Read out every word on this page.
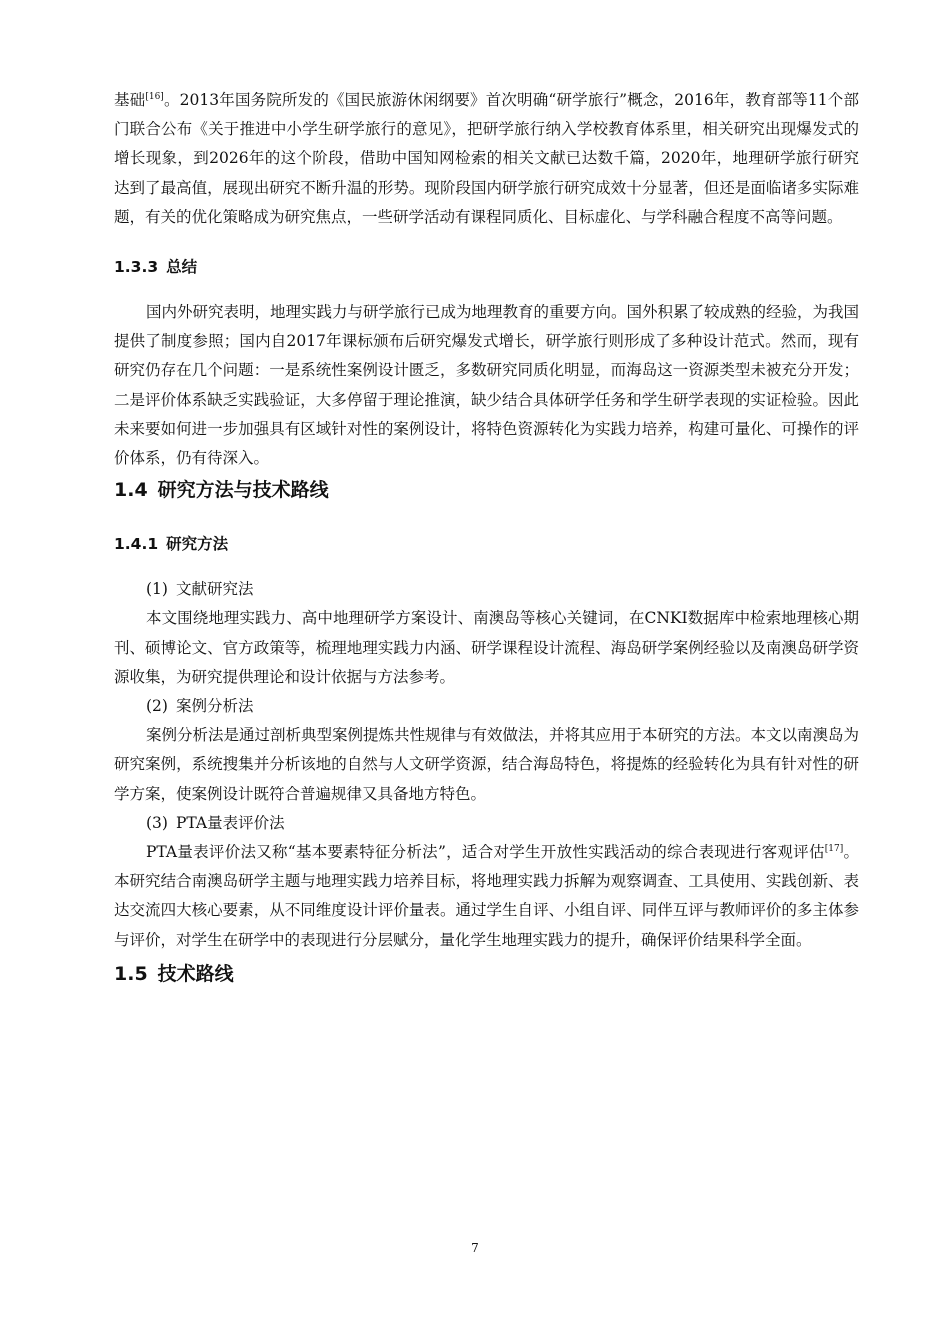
基础[16]。2013年国务院所发的《国民旅游休闲纲要》首次明确“研学旅行”概念，2016年，教育部等11个部门联合公布《关于推进中小学生研学旅行的意见》，把研学旅行纳入学校教育体系里，相关研究出现爆发式的增长现象，到2026年的这个阶段，借助中国知网检索的相关文献已达数千篇，2020年，地理研学旅行研究达到了最高值，展现出研究不断升温的形势。现阶段国内研学旅行研究成效十分显著，但还是面临诸多实际难题，有关的优化策略成为研究焦点，一些研学活动有课程同质化、目标虚化、与学科融合程度不高等问题。

1.3.3 总结

国内外研究表明，地理实践力与研学旅行已成为地理教育的重要方向。国外积累了较成熟的经验，为我国提供了制度参照；国内自2017年课标颁布后研究爆发式增长，研学旅行则形成了多种设计范式。然而，现有研究仍存在几个问题：一是系统性案例设计匮乏，多数研究同质化明显，而海岛这一资源类型未被充分开发；二是评价体系缺乏实践验证，大多停留于理论推演，缺少结合具体研学任务和学生研学表现的实证检验。因此未来要如何进一步加强具有区域针对性的案例设计，将特色资源转化为实践力培养，构建可量化、可操作的评价体系，仍有待深入。

1.4 研究方法与技术路线
1.4.1 研究方法
(1) 文献研究法

本文围绕地理实践力、高中地理研学方案设计、南澳岛等核心关键词，在CNKI数据库中检索地理核心期刊、硕博论文、官方政策等，梳理地理实践力内涵、研学课程设计流程、海岛研学案例经验以及南澳岛研学资源收集，为研究提供理论和设计依据与方法参考。

(2) 案例分析法

案例分析法是通过剖析典型案例提炼共性规律与有效做法，并将其应用于本研究的方法。本文以南澳岛为研究案例，系统搜集并分析该地的自然与人文研学资源，结合海岛特色，将提炼的经验转化为具有针对性的研学方案，使案例设计既符合普遍规律又具备地方特色。

(3) PTA量表评价法

PTA量表评价法又称“基本要素特征分析法”，适合对学生开放性实践活动的综合表现进行客观评估[17]。本研究结合南澳岛研学主题与地理实践力培养目标，将地理实践力拆解为观察调查、工具使用、实践创新、表达交流四大核心要素，从不同维度设计评价量表。通过学生自评、小组自评、同伴互评与教师评价的多主体参与评价，对学生在研学中的表现进行分层赋分，量化学生地理实践力的提升，确保评价结果科学全面。

1.5 技术路线
7
